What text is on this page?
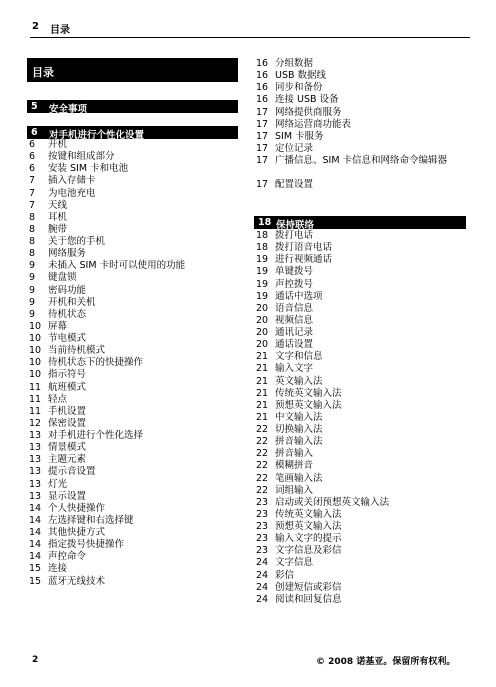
2 目录
目录
5 安全事项
6 对手机进行个性化设置
6 开机
6 按键和组成部分
6 安装 SIM 卡和电池
7 插入存储卡
7 为电池充电
7 天线
8 耳机
8 腕带
8 关于您的手机
8 网络服务
9 未插入 SIM 卡时可以使用的功能
9 键盘锁
9 密码功能
9 开机和关机
9 待机状态
10 屏幕
10 节电模式
10 当前待机模式
10 待机状态下的快捷操作
10 指示符号
11 航班模式
11 轻点
11 手机设置
12 保密设置
13 对手机进行个性化选择
13 情景模式
13 主题元素
13 提示音设置
13 灯光
13 显示设置
14 个人快捷操作
14 左选择键和右选择键
14 其他快捷方式
14 指定拨号快捷操作
14 声控命令
15 连接
15 蓝牙无线技术
16 分组数据
16 USB 数据线
16 同步和备份
16 连接 USB 设备
17 网络提供商服务
17 网络运营商功能表
17 SIM 卡服务
17 定位记录
17 广播信息、SIM 卡信息和网络命令编辑器
17 配置设置
18 保持联络
18 拨打电话
18 拨打语音电话
19 进行视频通话
19 单键拨号
19 声控拨号
19 通话中选项
20 语音信息
20 视频信息
20 通讯记录
20 通话设置
21 文字和信息
21 输入文字
21 英文输入法
21 传统英文输入法
21 预想英文输入法
21 中文输入法
22 切换输入法
22 拼音输入法
22 拼音输入
22 模糊拼音
22 笔画输入法
22 词组输入
23 启动或关闭预想英文输入法
23 传统英文输入法
23 预想英文输入法
23 输入文字的提示
23 文字信息及彩信
24 文字信息
24 彩信
24 创建短信或彩信
24 阅读和回复信息
2	© 2008 诺基亚。保留所有权利。
